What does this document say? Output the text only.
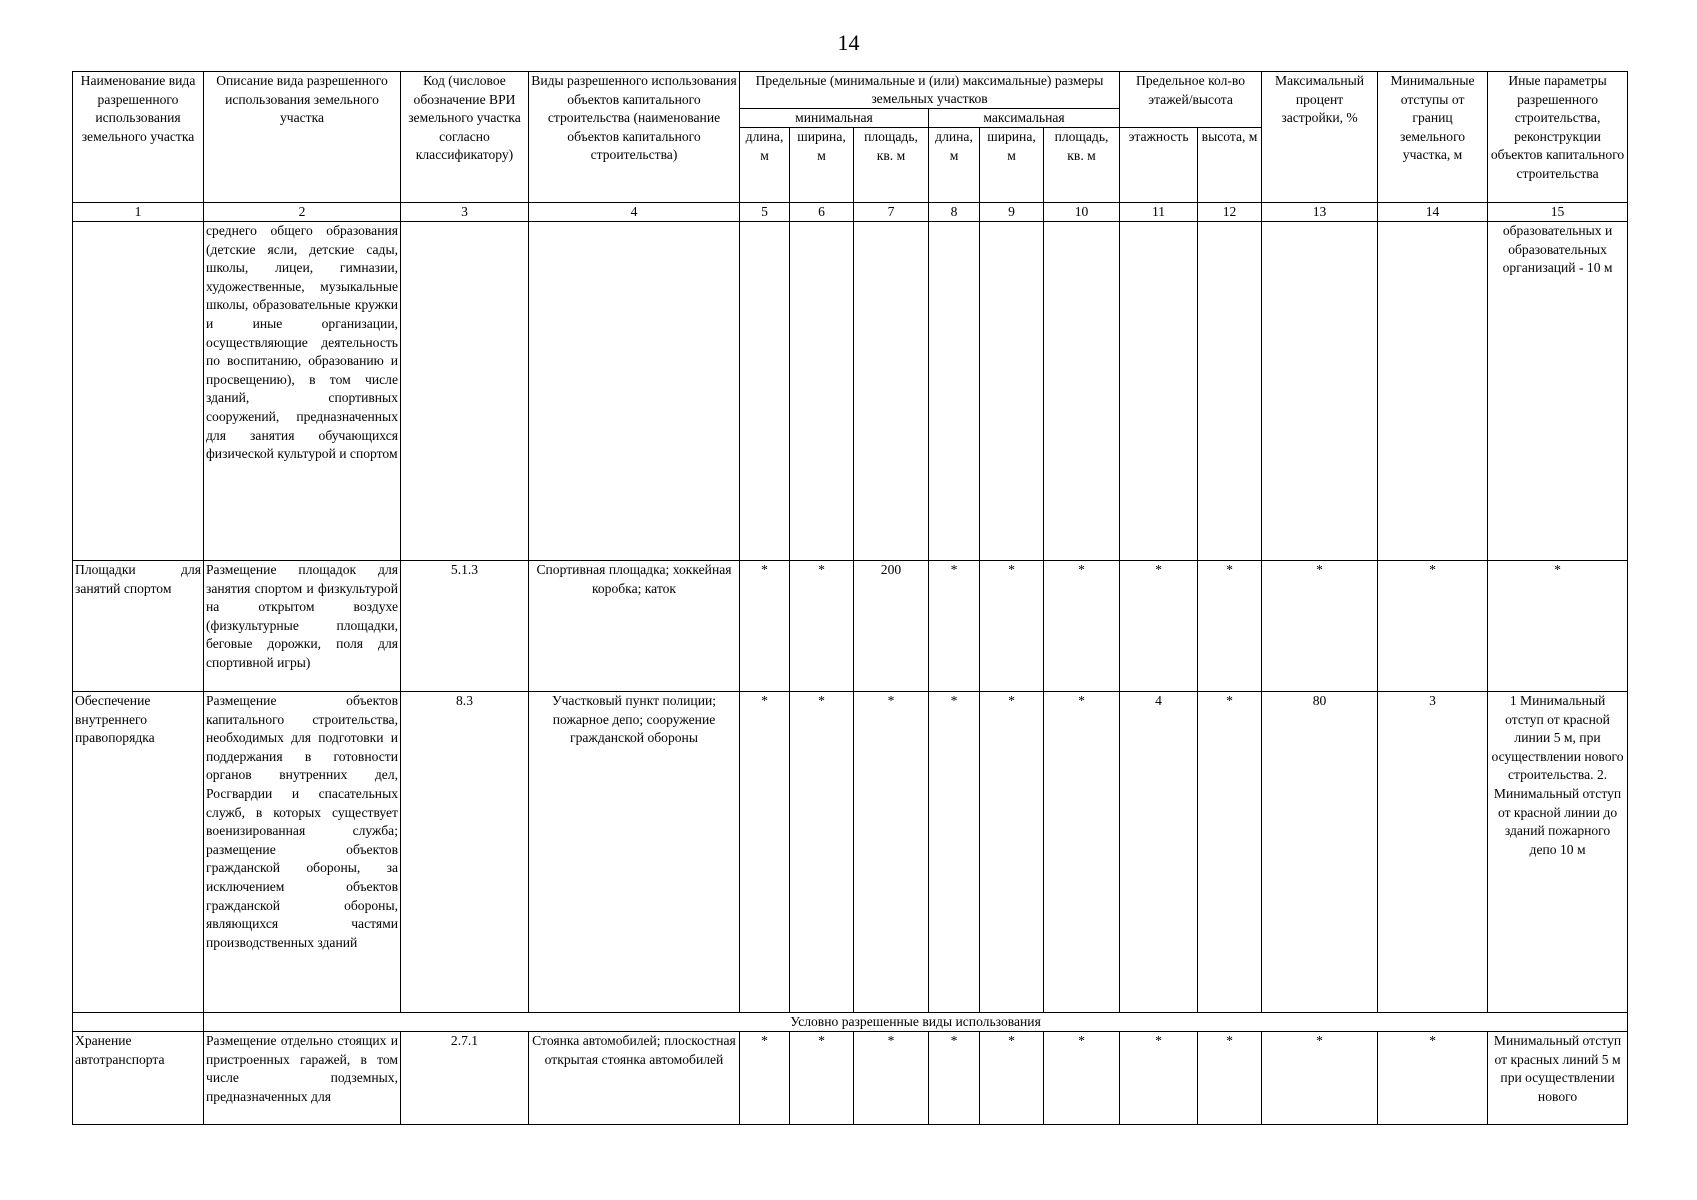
14
Наименование вида разрешенного использования земельного участка	Описание вида разрешенного использования земельного участка	Код (числовое обозначение ВРИ земельного участка согласно классификатору)	Виды разрешенного использования объектов капитального строительства (наименование объектов капитального строительства)	Предельные (минимальные и (или) максимальные) размеры земельных участков						Предельное кол-во этажей/высота		Максимальный процент застройки, %	Минимальные отступы от границ земельного участка, м	Иные параметры разрешенного строительства, реконструкции объектов капитального строительства
				минимальная			максимальная							
				длина, м	ширина, м	площадь, кв. м	длина, м	ширина, м	площадь, кв. м	этажность	высота, м			
1	2	3	4	5	6	7	8	9	10	11	12	13	14	15
	среднего общего образования (детские ясли, детские сады, школы, лицеи, гимназии, художественные, музыкальные школы, образовательные кружки и иные организации, осуществляющие деятельность по воспитанию, образованию и просвещению), в том числе зданий, спортивных сооружений, предназначенных для занятия обучающихся физической культурой и спортом													образовательных и образовательных организаций - 10 м
Площадки для занятий спортом	Размещение площадок для занятия спортом и физкультурой на открытом воздухе (физкультурные площадки, беговые дорожки, поля для спортивной игры)	5.1.3	Спортивная площадка; хоккейная коробка; каток	*	*	200	*	*	*	*	*	*	*	*
Обеспечение внутреннего правопорядка	Размещение объектов капитального строительства, необходимых для подготовки и поддержания в готовности органов внутренних дел, Росгвардии и спасательных служб, в которых существует военизированная служба; размещение объектов гражданской обороны, за исключением объектов гражданской обороны, являющихся частями производственных зданий	8.3	Участковый пункт полиции; пожарное депо; сооружение гражданской обороны	*	*	*	*	*	*	4	*	80	3	1 Минимальный отступ от красной линии 5 м, при осуществлении нового строительства. 2. Минимальный отступ от красной линии до зданий пожарного депо 10 м
	Условно разрешенные виды использования													
Хранение автотранспорта	Размещение отдельно стоящих и пристроенных гаражей, в том числе подземных, предназначенных для	2.7.1	Стоянка автомобилей; плоскостная открытая стоянка автомобилей	*	*	*	*	*	*	*	*	*	*	Минимальный отступ от красных линий 5 м при осуществлении нового
